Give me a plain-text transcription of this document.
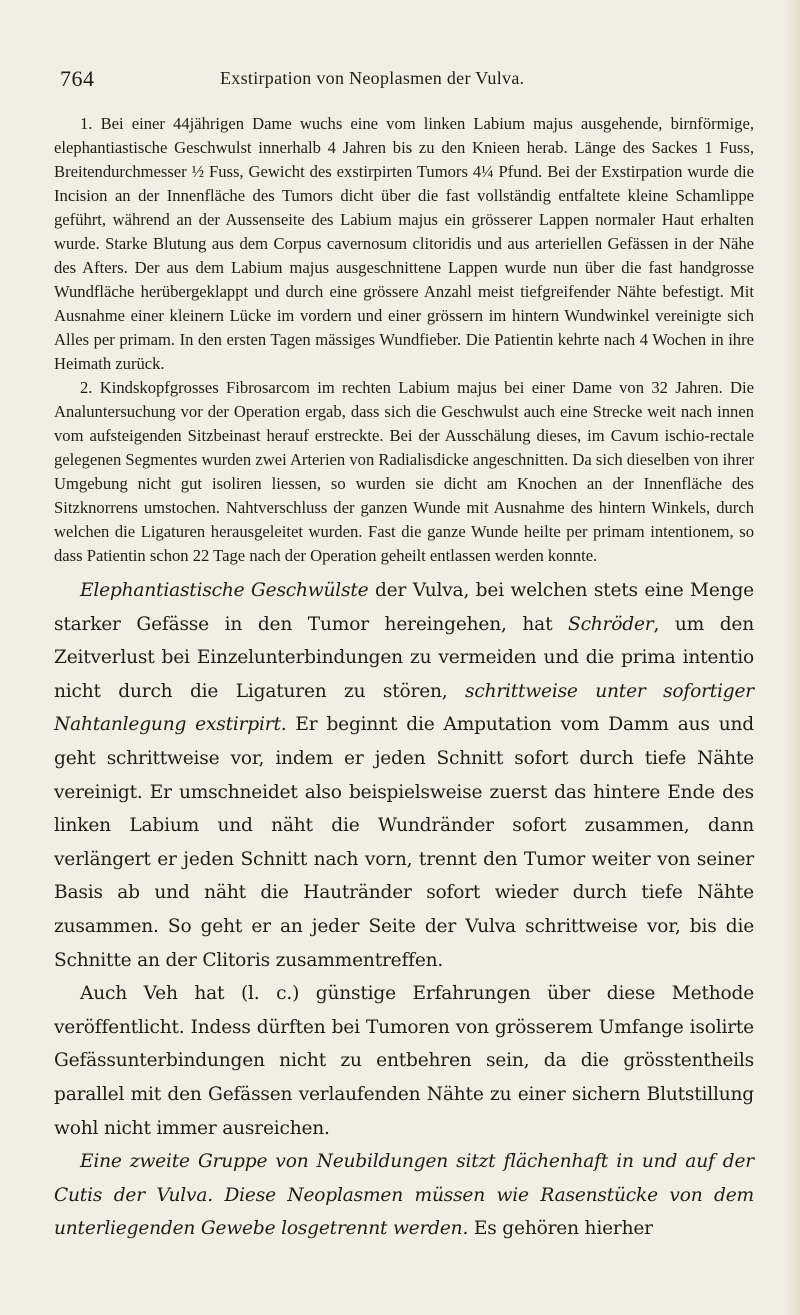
764	Exstirpation von Neoplasmen der Vulva.

1. Bei einer 44jährigen Dame wuchs eine vom linken Labium majus ausgehende, birnförmige, elephantiastische Geschwulst innerhalb 4 Jahren bis zu den Knieen herab. Länge des Sackes 1 Fuss, Breitendurchmesser ½ Fuss, Gewicht des exstirpirten Tumors 4¼ Pfund. Bei der Exstirpation wurde die Incision an der Innenfläche des Tumors dicht über die fast vollständig entfaltete kleine Schamlippe geführt, während an der Aussenseite des Labium majus ein grösserer Lappen normaler Haut erhalten wurde. Starke Blutung aus dem Corpus cavernosum clitoridis und aus arteriellen Gefässen in der Nähe des Afters. Der aus dem Labium majus ausgeschnittene Lappen wurde nun über die fast handgrosse Wundfläche herübergeklappt und durch eine grössere Anzahl meist tiefgreifender Nähte befestigt. Mit Ausnahme einer kleinern Lücke im vordern und einer grössern im hintern Wundwinkel vereinigte sich Alles per primam. In den ersten Tagen mässiges Wundfieber. Die Patientin kehrte nach 4 Wochen in ihre Heimath zurück.

2. Kindskopfgrosses Fibrosarcom im rechten Labium majus bei einer Dame von 32 Jahren. Die Analuntersuchung vor der Operation ergab, dass sich die Geschwulst auch eine Strecke weit nach innen vom aufsteigenden Sitzbeinast herauf erstreckte. Bei der Ausschälung dieses, im Cavum ischio-rectale gelegenen Segmentes wurden zwei Arterien von Radialisdicke angeschnitten. Da sich dieselben von ihrer Umgebung nicht gut isoliren liessen, so wurden sie dicht am Knochen an der Innenfläche des Sitzknorrens umstochen. Nahtverschluss der ganzen Wunde mit Ausnahme des hintern Winkels, durch welchen die Ligaturen herausgeleitet wurden. Fast die ganze Wunde heilte per primam intentionem, so dass Patientin schon 22 Tage nach der Operation geheilt entlassen werden konnte.

Elephantiastische Geschwülste der Vulva, bei welchen stets eine Menge starker Gefässe in den Tumor hereingehen, hat Schröder, um den Zeitverlust bei Einzelunterbindungen zu vermeiden und die prima intentio nicht durch die Ligaturen zu stören, schrittweise unter sofortiger Nahtanlegung exstirpirt. Er beginnt die Amputation vom Damm aus und geht schrittweise vor, indem er jeden Schnitt sofort durch tiefe Nähte vereinigt. Er umschneidet also beispielsweise zuerst das hintere Ende des linken Labium und näht die Wundränder sofort zusammen, dann verlängert er jeden Schnitt nach vorn, trennt den Tumor weiter von seiner Basis ab und näht die Hautränder sofort wieder durch tiefe Nähte zusammen. So geht er an jeder Seite der Vulva schrittweise vor, bis die Schnitte an der Clitoris zusammentreffen.

Auch Veh hat (l. c.) günstige Erfahrungen über diese Methode veröffentlicht. Indess dürften bei Tumoren von grösserem Umfange isolirte Gefässunterbindungen nicht zu entbehren sein, da die grösstentheils parallel mit den Gefässen verlaufenden Nähte zu einer sichern Blutstillung wohl nicht immer ausreichen.

Eine zweite Gruppe von Neubildungen sitzt flächenhaft in und auf der Cutis der Vulva. Diese Neoplasmen müssen wie Rasenstücke von dem unterliegenden Gewebe losgetrennt werden. Es gehören hierher
